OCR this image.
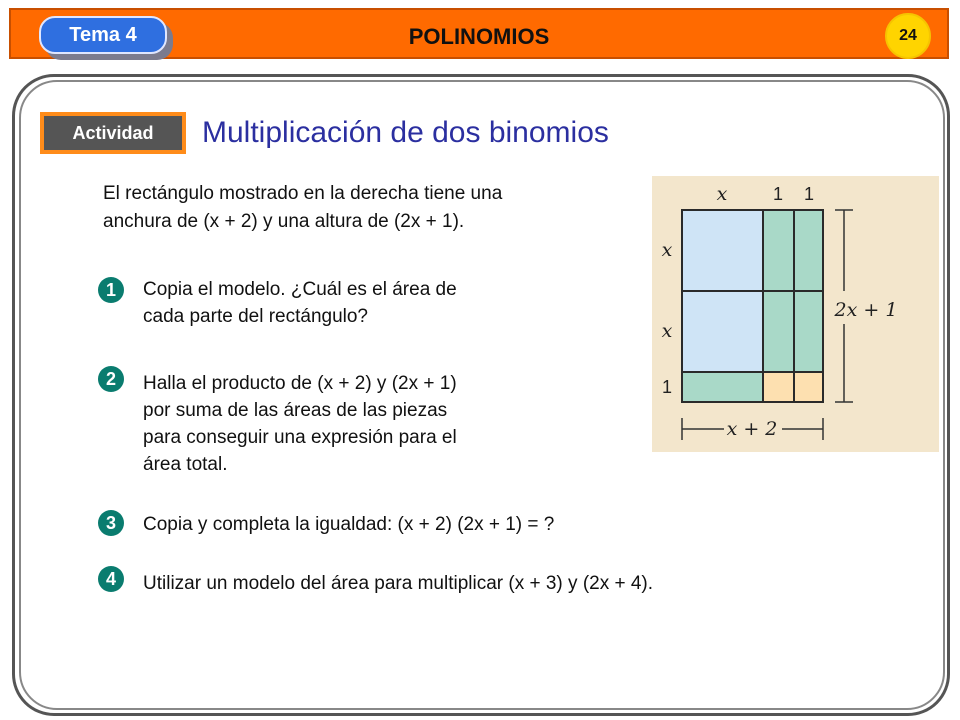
Tema 4	POLINOMIOS	24
Actividad	Multiplicación de dos binomios
El rectángulo mostrado en la derecha tiene una
anchura de (x + 2) y una altura de (2x + 1).
1	Copia el modelo. ¿Cuál es el área de
cada parte del rectángulo?
2	Halla el producto de (x + 2) y (2x + 1)
por suma de las áreas de las piezas
para conseguir una expresión para el
área total.
3	Copia y completa la igualdad: (x + 2) (2x + 1) = ?
4	Utilizar un modelo del área para multiplicar (x + 3) y (2x + 4).
x	1 1
x
x
1
2x + 1
x + 2
